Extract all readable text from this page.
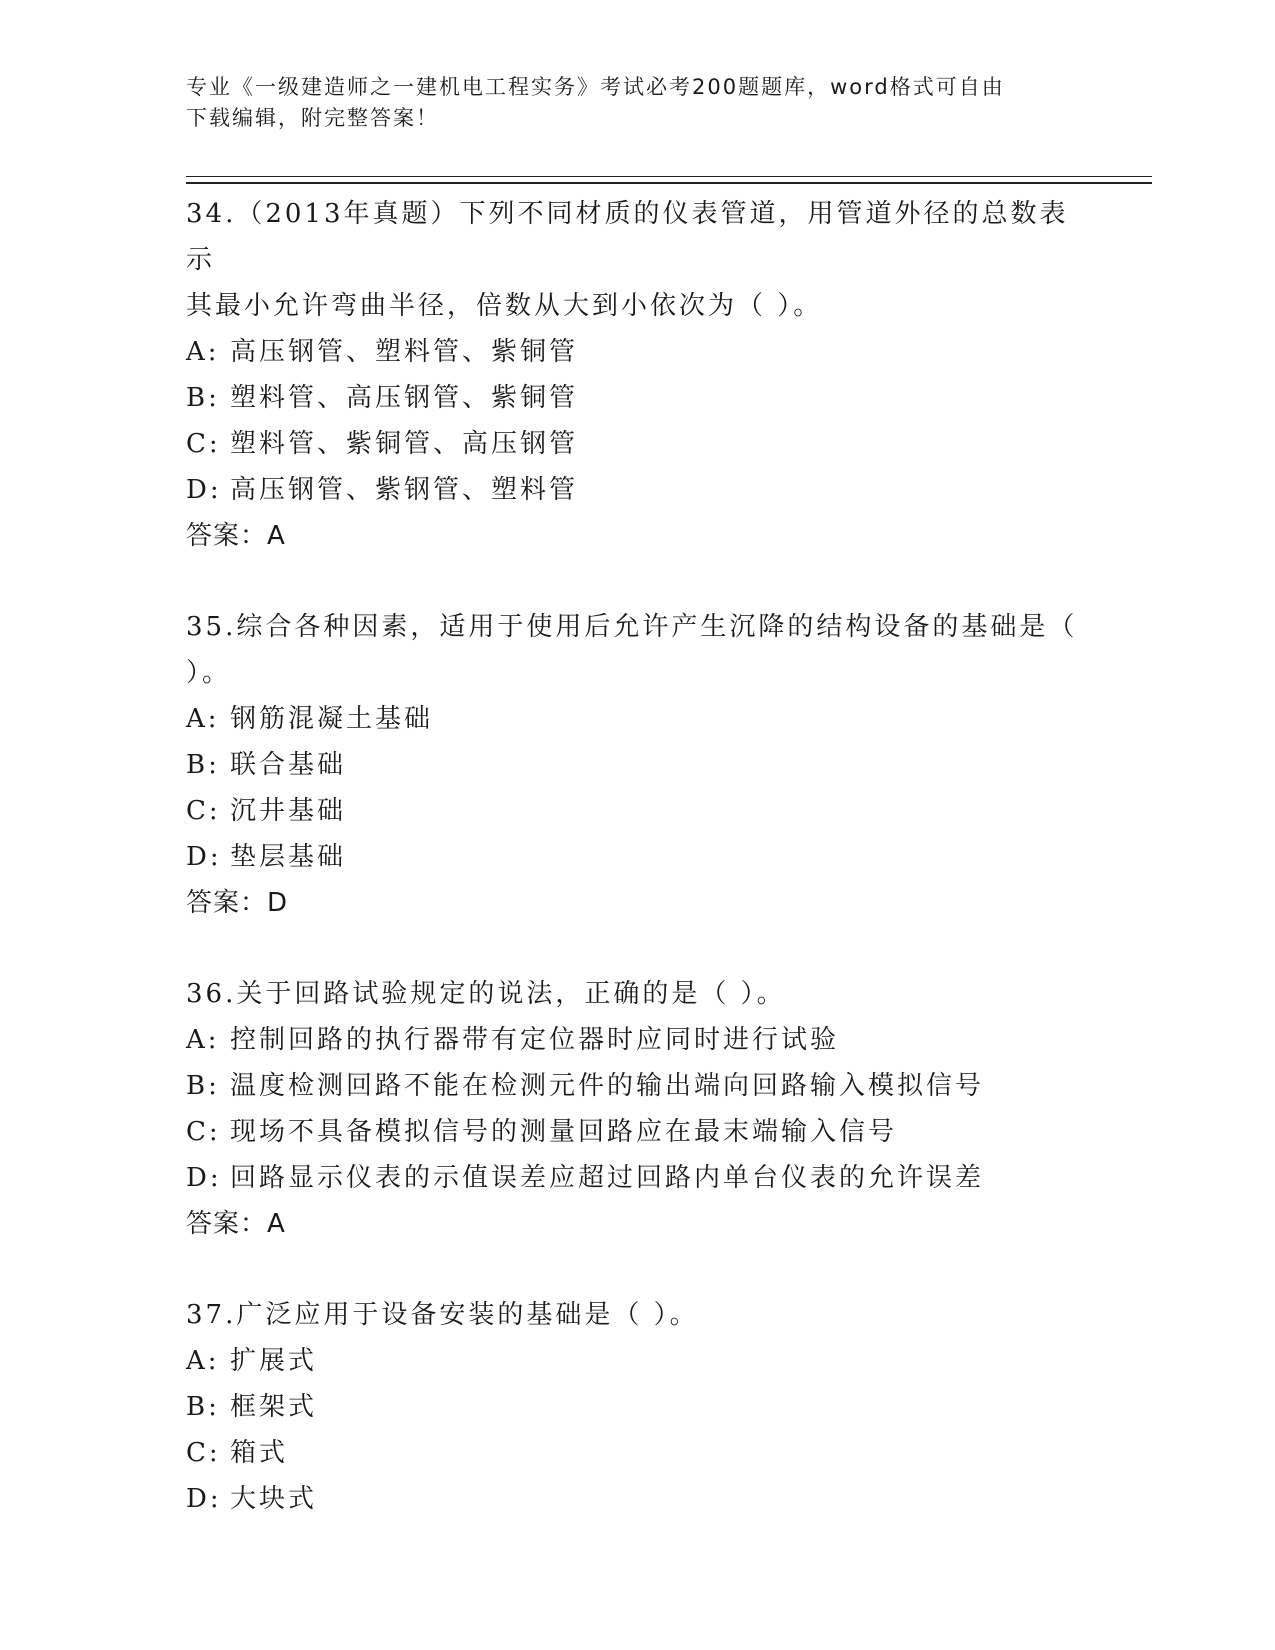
专业《一级建造师之一建机电工程实务》考试必考200题题库，word格式可自由
下载编辑，附完整答案！

34.（2013年真题）下列不同材质的仪表管道，用管道外径的总数表示

其最小允许弯曲半径，倍数从大到小依次为（ ）。

A: 高压钢管、塑料管、紫铜管

B: 塑料管、高压钢管、紫铜管

C: 塑料管、紫铜管、高压钢管

D: 高压钢管、紫钢管、塑料管

答案：A

35.综合各种因素，适用于使用后允许产生沉降的结构设备的基础是（

）。

A: 钢筋混凝土基础

B: 联合基础

C: 沉井基础

D: 垫层基础

答案：D

36.关于回路试验规定的说法，正确的是（ ）。

A: 控制回路的执行器带有定位器时应同时进行试验

B: 温度检测回路不能在检测元件的输出端向回路输入模拟信号

C: 现场不具备模拟信号的测量回路应在最末端输入信号

D: 回路显示仪表的示值误差应超过回路内单台仪表的允许误差

答案：A

37.广泛应用于设备安装的基础是（ ）。

A: 扩展式

B: 框架式

C: 箱式

D: 大块式
